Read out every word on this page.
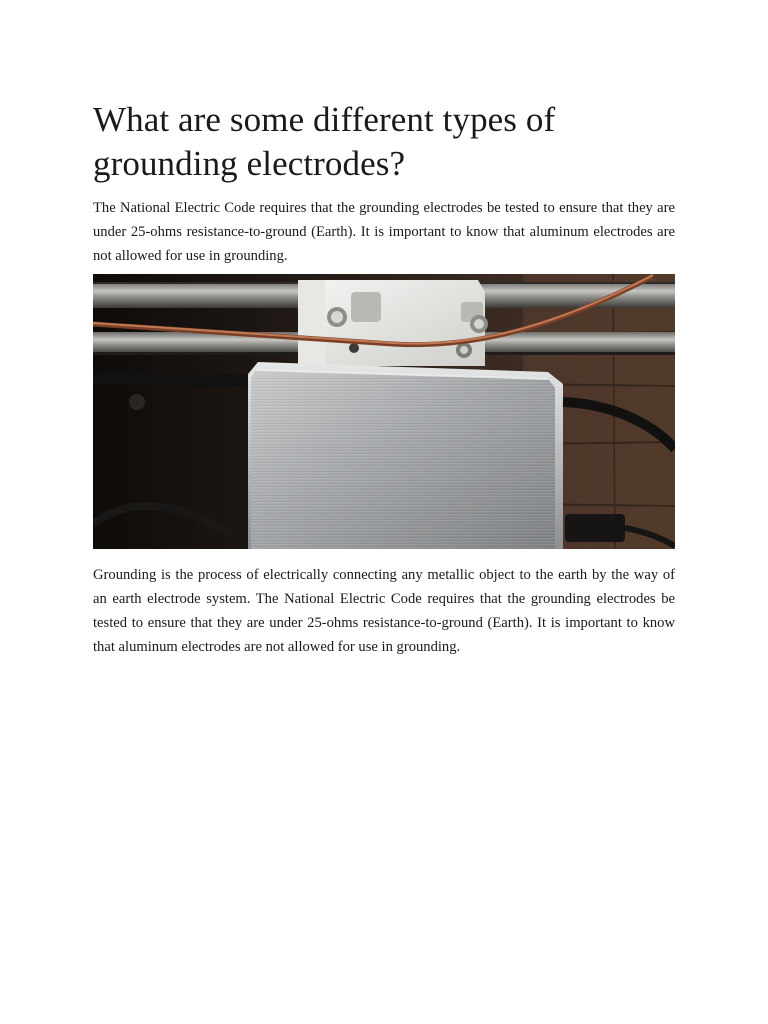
What are some different types of grounding electrodes?

The National Electric Code requires that the grounding electrodes be tested to ensure that they are under 25-ohms resistance-to-ground (Earth). It is important to know that aluminum electrodes are not allowed for use in grounding.

Grounding is the process of electrically connecting any metallic object to the earth by the way of an earth electrode system. The National Electric Code requires that the grounding electrodes be tested to ensure that they are under 25-ohms resistance-to-ground (Earth). It is important to know that aluminum electrodes are not allowed for use in grounding.
